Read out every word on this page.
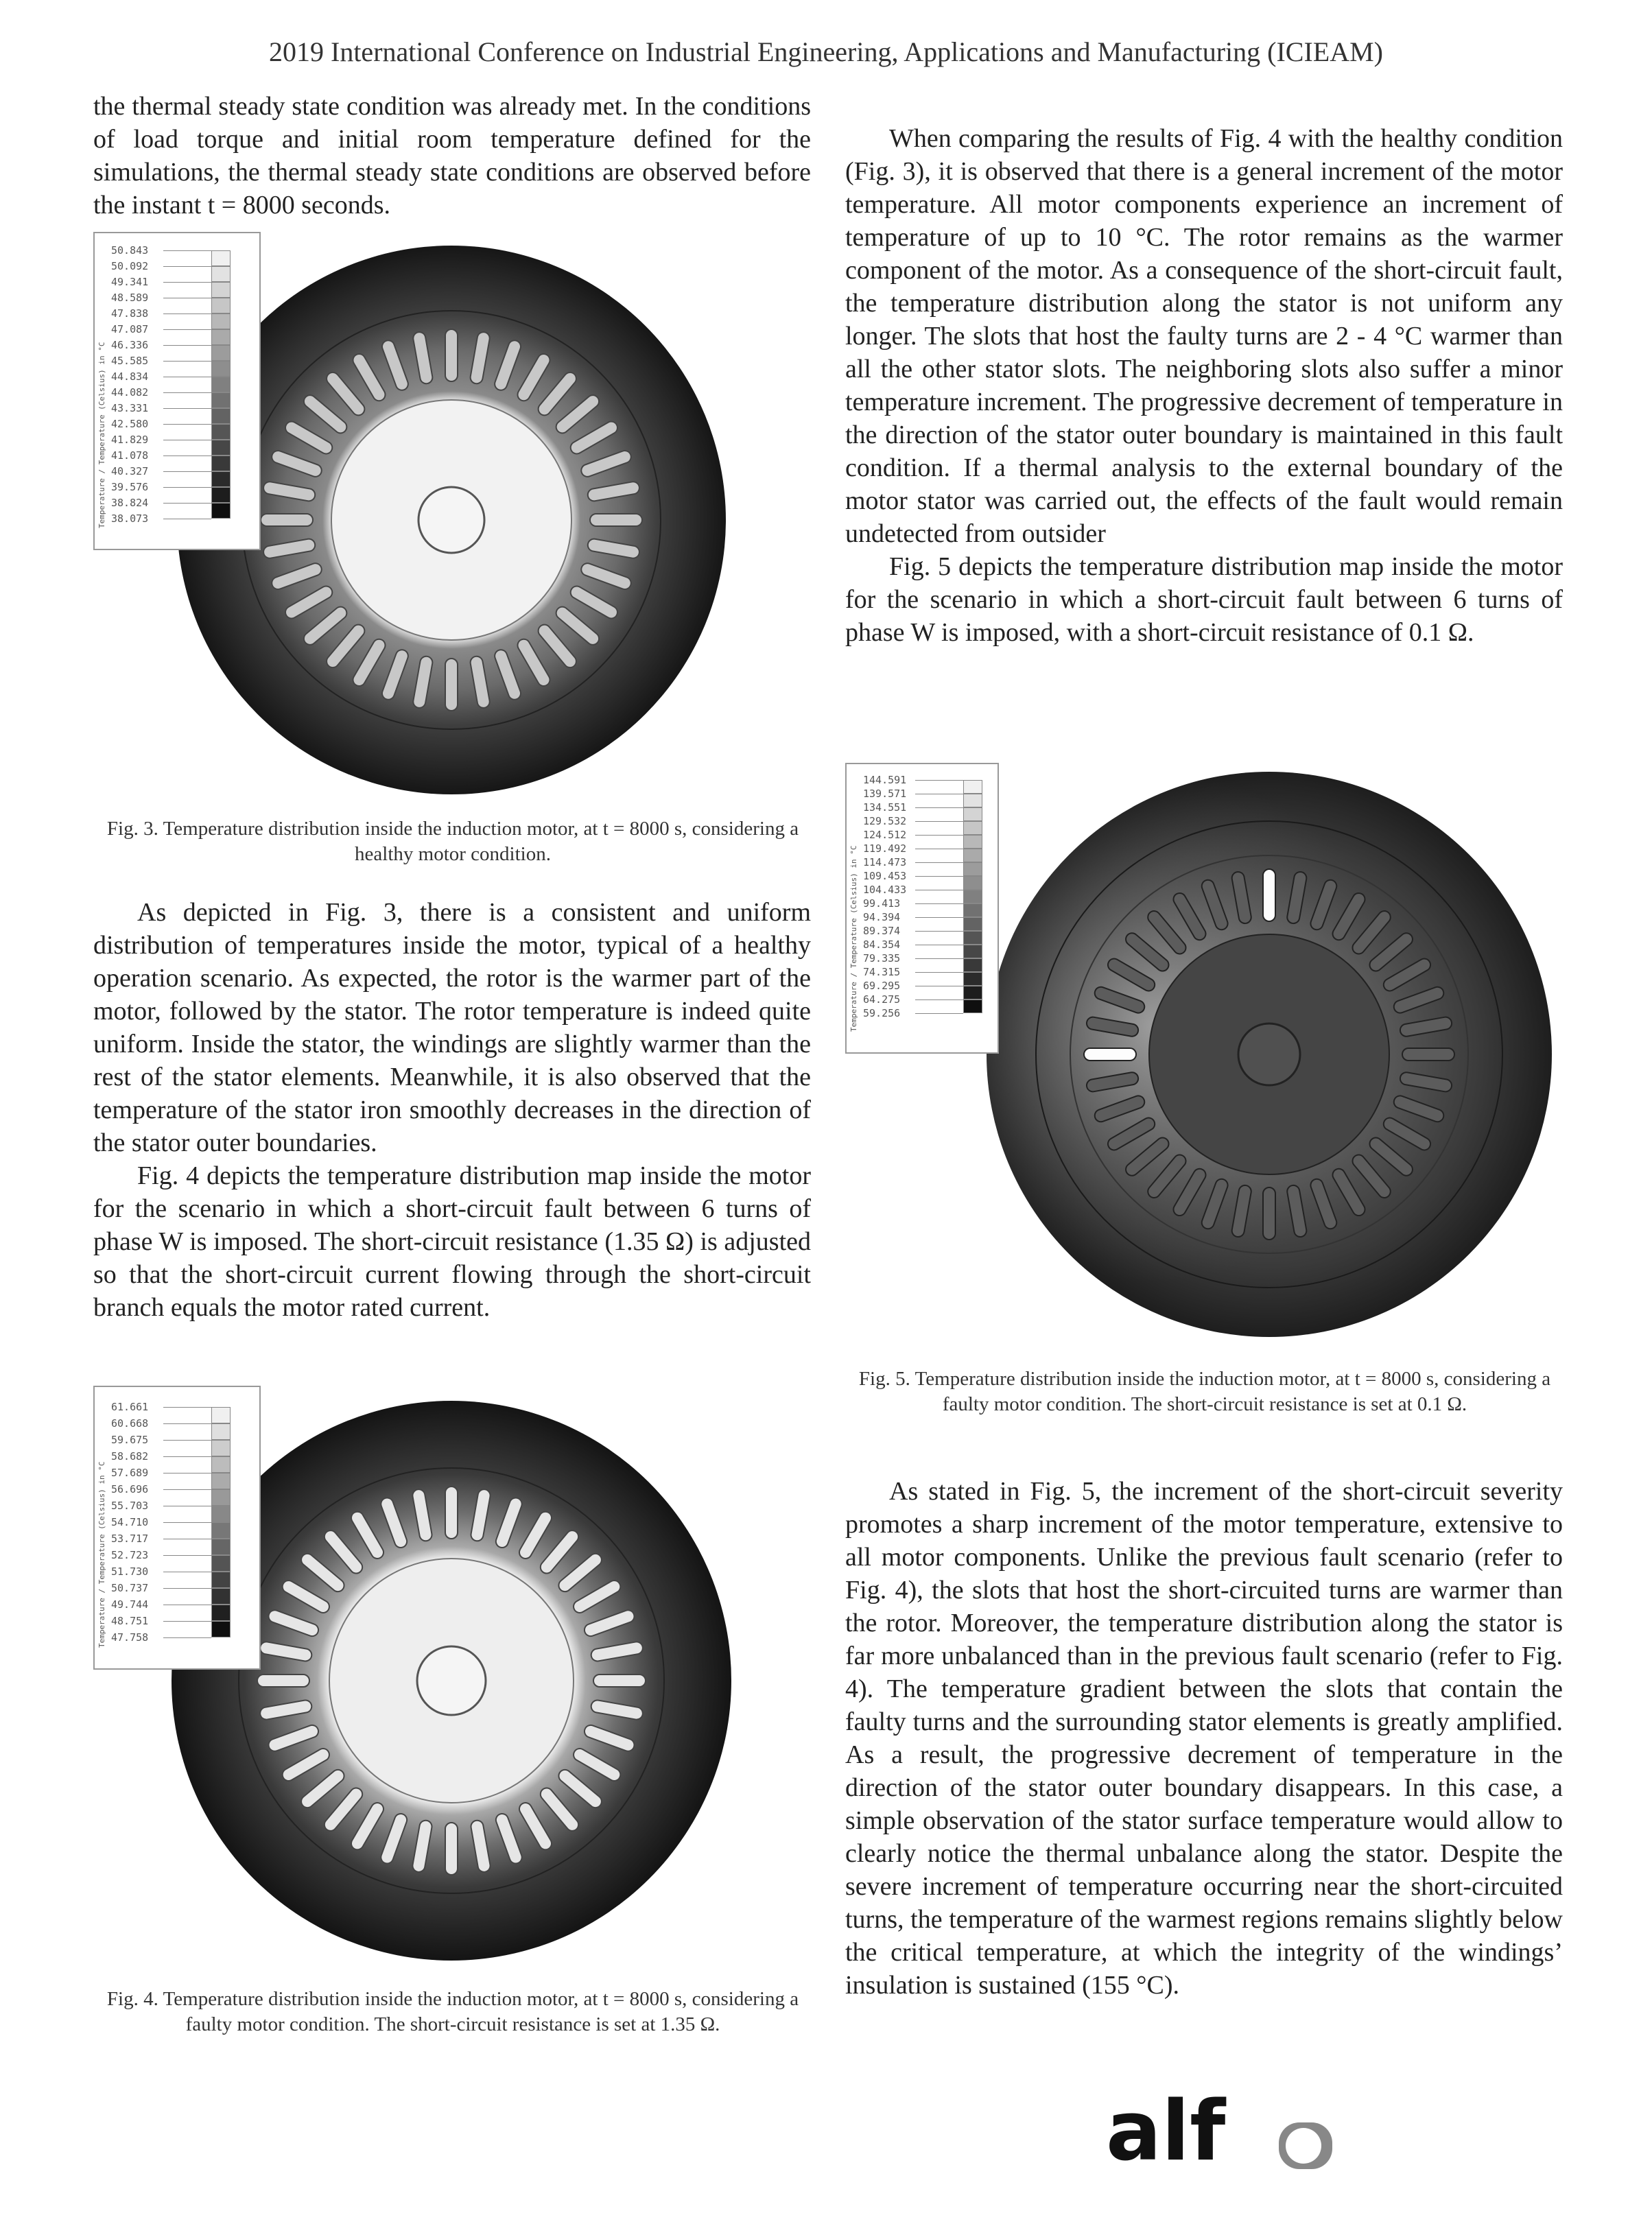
2019 International Conference on Industrial Engineering, Applications and Manufacturing (ICIEAM)

the thermal steady state condition was already met. In the conditions of load torque and initial room temperature defined for the simulations, the thermal steady state conditions are observed before the instant t = 8000 seconds.

Temperature / Temperature (Celsius) in °C
50.843
50.092
49.341
48.589
47.838
47.087
46.336
45.585
44.834
44.082
43.331
42.580
41.829
41.078
40.327
39.576
38.824
38.073
Fig. 3. Temperature distribution inside the induction motor, at t = 8000 s, considering a healthy motor condition.

As depicted in Fig. 3, there is a consistent and uniform distribution of temperatures inside the motor, typical of a healthy operation scenario. As expected, the rotor is the warmer part of the motor, followed by the stator. The rotor temperature is indeed quite uniform. Inside the stator, the windings are slightly warmer than the rest of the stator elements. Meanwhile, it is also observed that the temperature of the stator iron smoothly decreases in the direction of the stator outer boundaries.

Fig. 4 depicts the temperature distribution map inside the motor for the scenario in which a short-circuit fault between 6 turns of phase W is imposed. The short-circuit resistance (1.35 Ω) is adjusted so that the short-circuit current flowing through the short-circuit branch equals the motor rated current.

Temperature / Temperature (Celsius) in °C
61.661
60.668
59.675
58.682
57.689
56.696
55.703
54.710
53.717
52.723
51.730
50.737
49.744
48.751
47.758
Fig. 4. Temperature distribution inside the induction motor, at t = 8000 s, considering a faulty motor condition. The short-circuit resistance is set at 1.35 Ω.

When comparing the results of Fig. 4 with the healthy condition (Fig. 3), it is observed that there is a general increment of the motor temperature. All motor components experience an increment of temperature of up to 10 °C. The rotor remains as the warmer component of the motor. As a consequence of the short-circuit fault, the temperature distribution along the stator is not uniform any longer. The slots that host the faulty turns are 2 - 4 °C warmer than all the other stator slots. The neighboring slots also suffer a minor temperature increment. The progressive decrement of temperature in the direction of the stator outer boundary is maintained in this fault condition. If a thermal analysis to the external boundary of the motor stator was carried out, the effects of the fault would remain undetected from outsider

Fig. 5 depicts the temperature distribution map inside the motor for the scenario in which a short-circuit fault between 6 turns of phase W is imposed, with a short-circuit resistance of 0.1 Ω.

Temperature / Temperature (Celsius) in °C
144.591
139.571
134.551
129.532
124.512
119.492
114.473
109.453
104.433
99.413
94.394
89.374
84.354
79.335
74.315
69.295
64.275
59.256
Fig. 5. Temperature distribution inside the induction motor, at t = 8000 s, considering a faulty motor condition. The short-circuit resistance is set at 0.1 Ω.

As stated in Fig. 5, the increment of the short-circuit severity promotes a sharp increment of the motor temperature, extensive to all motor components. Unlike the previous fault scenario (refer to Fig. 4), the slots that host the short-circuited turns are warmer than the rotor. Moreover, the temperature distribution along the stator is far more unbalanced than in the previous fault scenario (refer to Fig. 4). The temperature gradient between the slots that contain the faulty turns and the surrounding stator elements is greatly amplified. As a result, the progressive decrement of temperature in the direction of the stator outer boundary disappears. In this case, a simple observation of the stator surface temperature would allow to clearly notice the thermal unbalance along the stator. Despite the severe increment of temperature occurring near the short-circuited turns, the temperature of the warmest regions remains slightly below the critical temperature, at which the integrity of the windings’ insulation is sustained (155 °C).

alf
